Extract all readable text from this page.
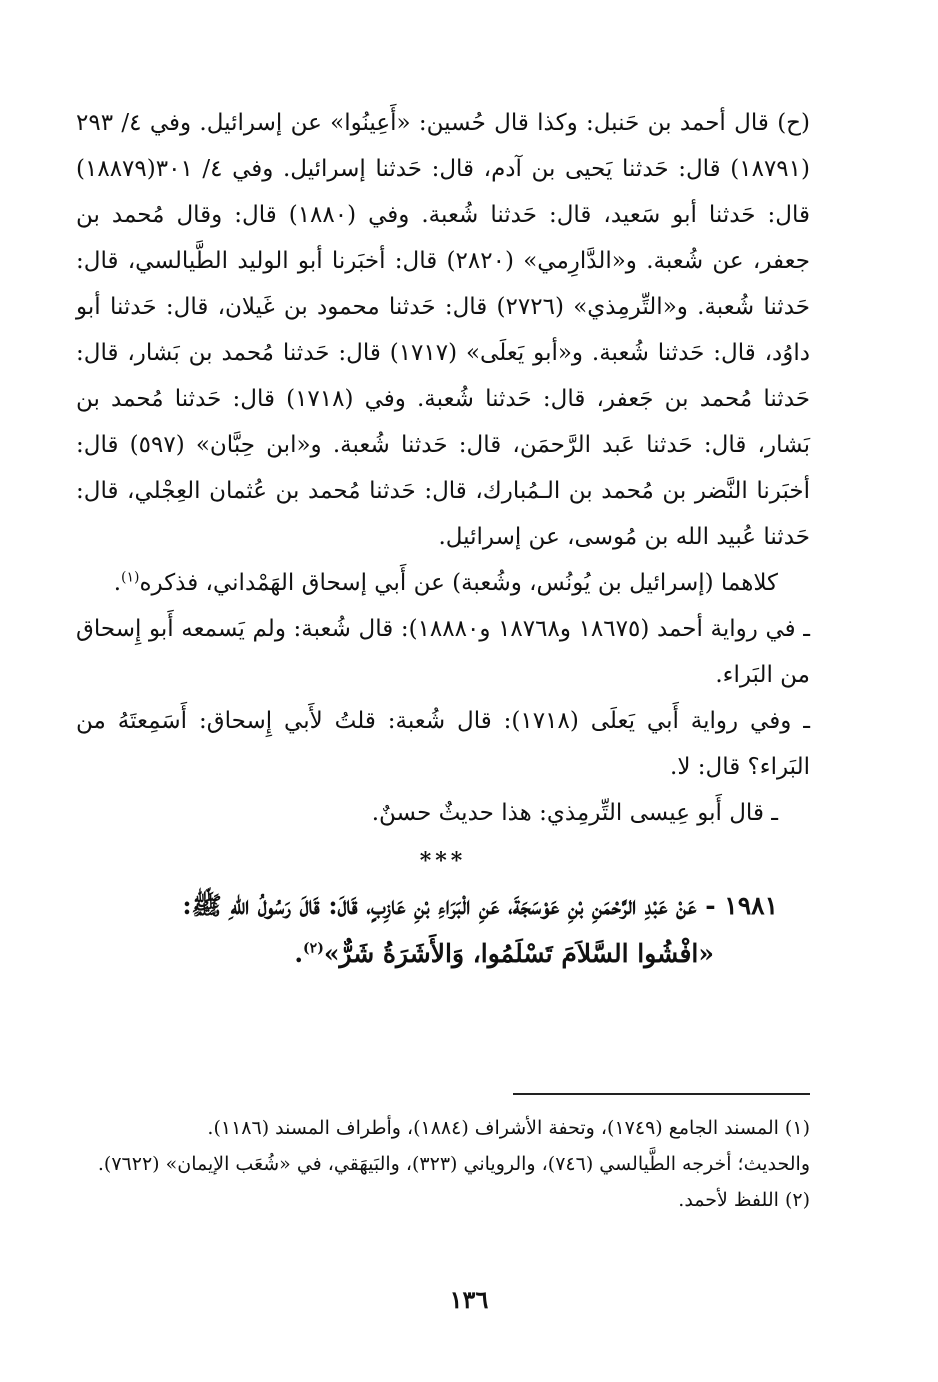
(ح) قال أحمد بن حَنبل: وكذا قال حُسين: «أَعِينُوا» عن إسرائيل. وفي ٤/ ٢٩٣ (١٨٧٩١) قال: حَدثنا يَحيى بن آدم، قال: حَدثنا إسرائيل. وفي ٤/ ٣٠١(١٨٨٧٩) قال: حَدثنا أبو سَعيد، قال: حَدثنا شُعبة. وفي (١٨٨٠) قال: وقال مُحمد بن جعفر، عن شُعبة. و«الدَّارِمي» (٢٨٢٠) قال: أخبَرنا أبو الوليد الطَّيالسي، قال: حَدثنا شُعبة. و«التِّرمِذي» (٢٧٢٦) قال: حَدثنا محمود بن غَيلان، قال: حَدثنا أبو داوُد، قال: حَدثنا شُعبة. و«أبو يَعلَى» (١٧١٧) قال: حَدثنا مُحمد بن بَشار، قال: حَدثنا مُحمد بن جَعفر، قال: حَدثنا شُعبة. وفي (١٧١٨) قال: حَدثنا مُحمد بن بَشار، قال: حَدثنا عَبد الرَّحمَن، قال: حَدثنا شُعبة. و«ابن حِبَّان» (٥٩٧) قال: أخبَرنا النَّضر بن مُحمد بن الـمُبارك، قال: حَدثنا مُحمد بن عُثمان العِجْلي، قال: حَدثنا عُبيد الله بن مُوسى، عن إسرائيل.

كلاهما (إسرائيل بن يُونُس، وشُعبة) عن أَبي إسحاق الهَمْداني، فذكره$^{(١)}$.

ـ في رواية أحمد (١٨٦٧٥ و١٨٧٦٨ و١٨٨٨٠): قال شُعبة: ولم يَسمعه أَبو إِسحاق من البَراء.

ـ وفي رواية أَبي يَعلَى (١٧١٨): قال شُعبة: قلتُ لأَبي إِسحاق: أَسَمِعتَهُ من البَراء؟ قال: لا.

ـ قال أَبو عِيسى التِّرمِذي: هذا حديثٌ حسنٌ.

***

١٩٨١ - عَنْ عَبْدِ الرَّحْمَنِ بْنِ عَوْسَجَةَ، عَنِ الْبَرَاءِ بْنِ عَازِبٍ، قَالَ: قَالَ رَسُولُ اللهِ ﷺ:

«افْشُوا السَّلاَمَ تَسْلَمُوا، وَالأَشَرَةُ شَرٌّ»$^{(٢)}$.

(١) المسند الجامع (١٧٤٩)، وتحفة الأشراف (١٨٨٤)، وأطراف المسند (١١٨٦).

والحديث؛ أخرجه الطَّيالسي (٧٤٦)، والروياني (٣٢٣)، والبَيهَقي، في «شُعَب الإيمان» (٧٦٢٢).

(٢) اللفظ لأحمد.

١٣٦
